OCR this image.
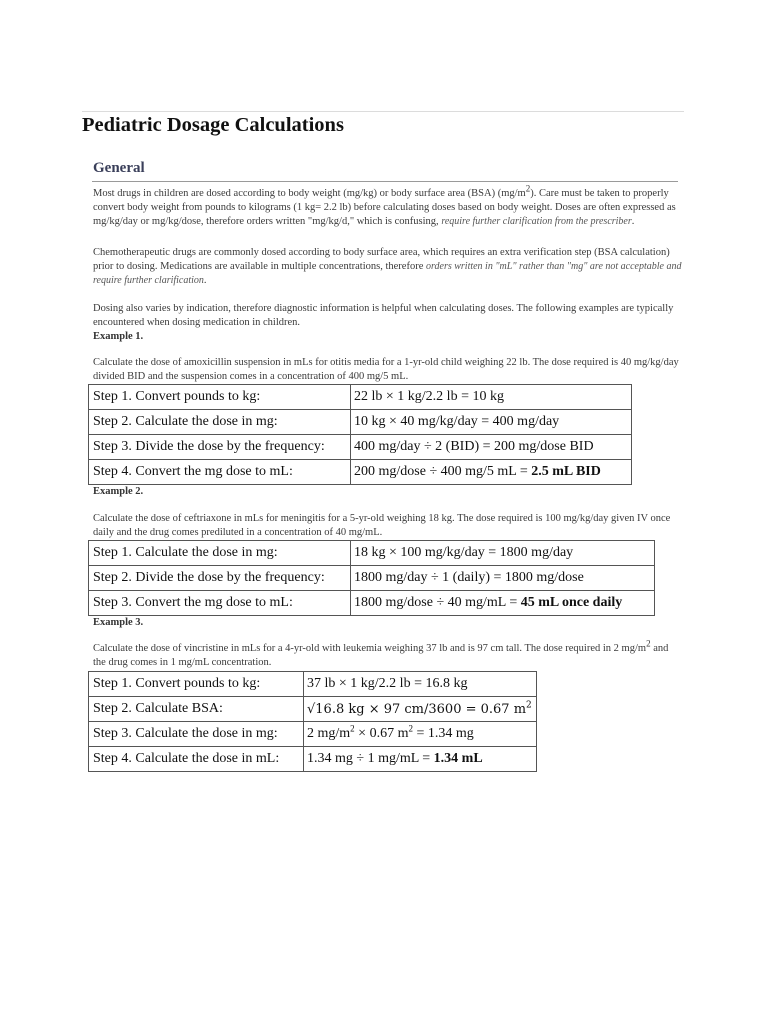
Pediatric Dosage Calculations
General

Most drugs in children are dosed according to body weight (mg/kg) or body surface area (BSA) $(mg/m^2)$. Care must be taken to properly convert body weight from pounds to kilograms (1 kg= 2.2 lb) before calculating doses based on body weight. Doses are often expressed as mg/kg/day or mg/kg/dose, therefore orders written "mg/kg/d," which is confusing, require further clarification from the prescriber.

Chemotherapeutic drugs are commonly dosed according to body surface area, which requires an extra verification step (BSA calculation) prior to dosing. Medications are available in multiple concentrations, therefore orders written in "mL" rather than "mg" are not acceptable and require further clarification.

Dosing also varies by indication, therefore diagnostic information is helpful when calculating doses. The following examples are typically encountered when dosing medication in children.

Example 1.

Calculate the dose of amoxicillin suspension in mLs for otitis media for a 1-yr-old child weighing 22 lb. The dose required is 40 mg/kg/day divided BID and the suspension comes in a concentration of 400 mg/5 mL.

Step 1. Convert pounds to kg:	22 lb × 1 kg/2.2 lb = 10 kg
Step 2. Calculate the dose in mg:	10 kg × 40 mg/kg/day = 400 mg/day
Step 3. Divide the dose by the frequency:	400 mg/day ÷ 2 (BID) = 200 mg/dose BID
Step 4. Convert the mg dose to mL:	200 mg/dose ÷ 400 mg/5 mL = 2.5 mL BID

Example 2.

Calculate the dose of ceftriaxone in mLs for meningitis for a 5-yr-old weighing 18 kg. The dose required is 100 mg/kg/day given IV once daily and the drug comes prediluted in a concentration of 40 mg/mL.

Step 1. Calculate the dose in mg:	18 kg × 100 mg/kg/day = 1800 mg/day
Step 2. Divide the dose by the frequency:	1800 mg/day ÷ 1 (daily) = 1800 mg/dose
Step 3. Convert the mg dose to mL:	1800 mg/dose ÷ 40 mg/mL = 45 mL once daily

Example 3.

Calculate the dose of vincristine in mLs for a 4-yr-old with leukemia weighing 37 lb and is 97 cm tall. The dose required in 2 $mg/m^2$ and the drug comes in 1 mg/mL concentration.

Step 1. Convert pounds to kg:	37 lb × 1 kg/2.2 lb = 16.8 kg
Step 2. Calculate BSA:	√16.8 kg × 97 cm/3600 = 0.67 $m^2$
Step 3. Calculate the dose in mg:	2 $mg/m^2 \times 0.67$ $m^2 = 1.34$ mg
Step 4. Calculate the dose in mL:	1.34 mg ÷ 1 mg/mL = 1.34 mL
